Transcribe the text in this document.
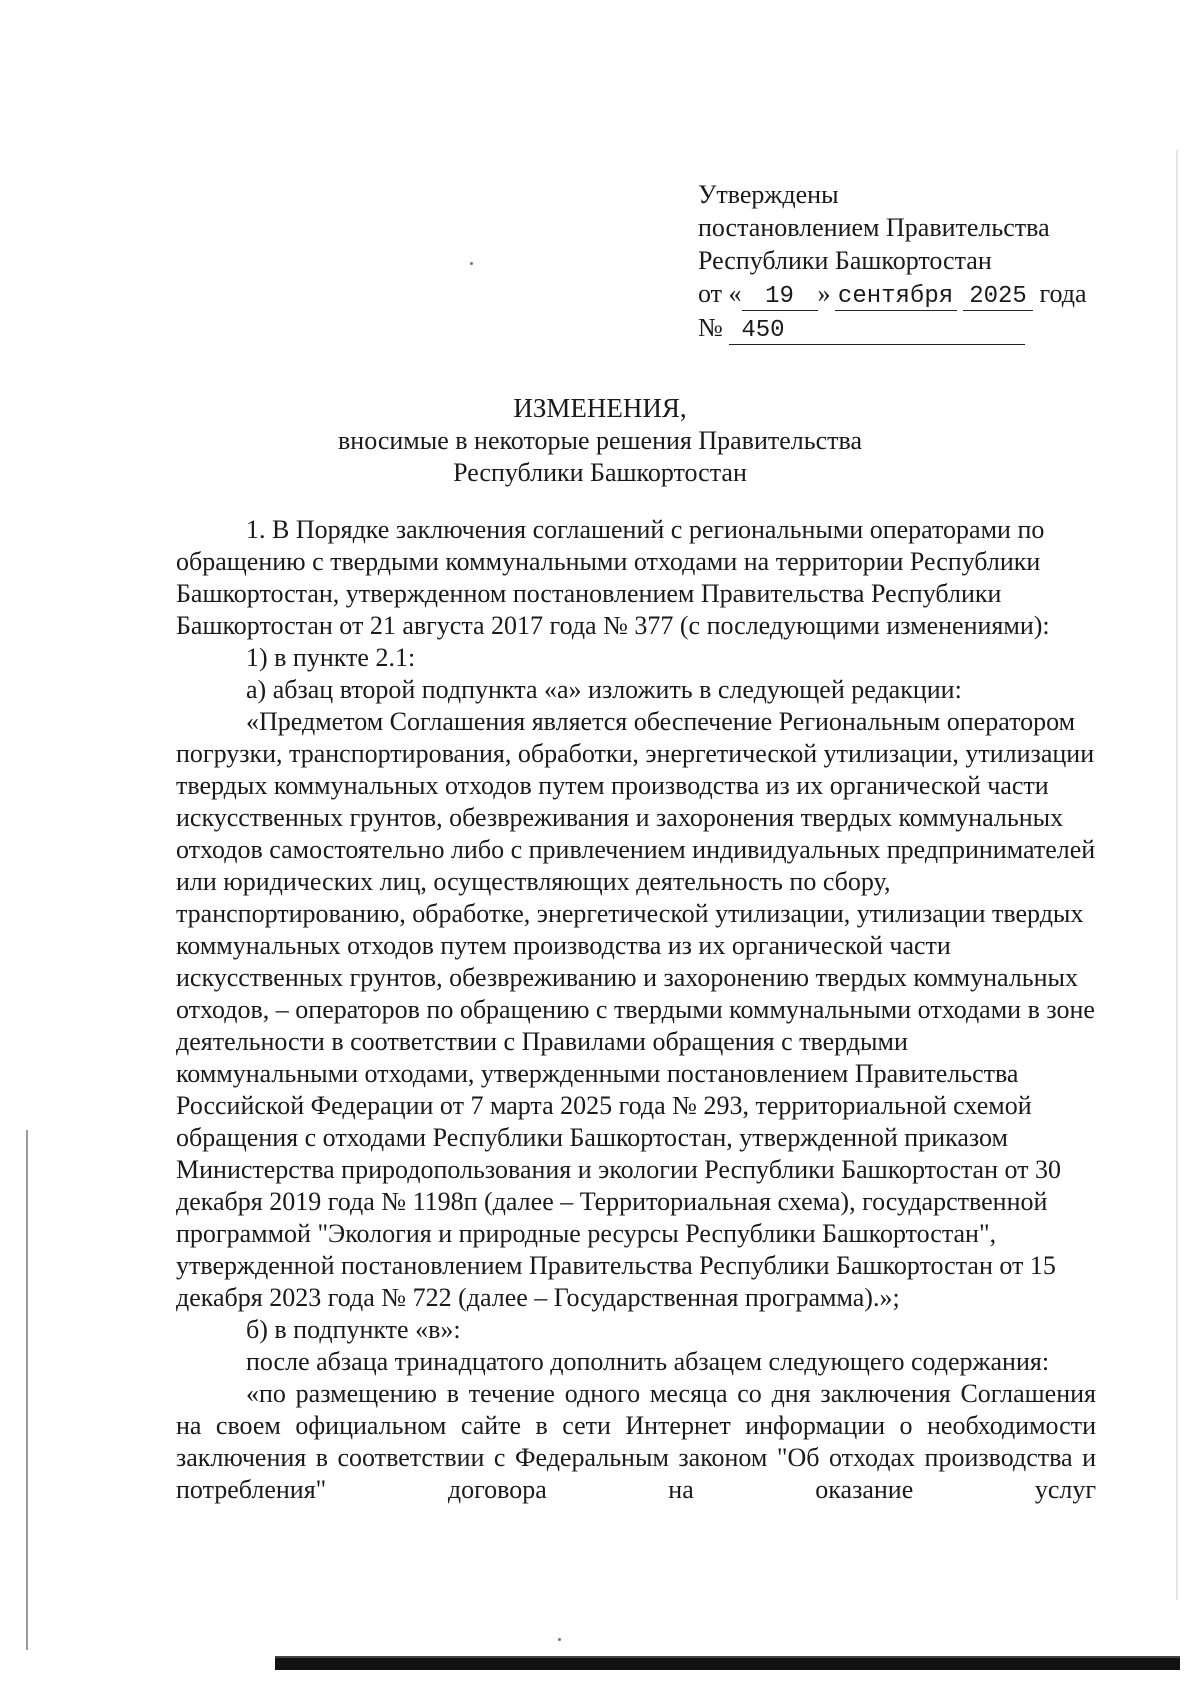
Утверждены
постановлением Правительства
Республики Башкортостан
от « 19 » сентября 2025 года
№ 450
ИЗМЕНЕНИЯ,
вносимые в некоторые решения Правительства
Республики Башкортостан

1. В Порядке заключения соглашений с региональными операторами по обращению с твердыми коммунальными отходами на территории Республики Башкортостан, утвержденном постановлением Правительства Республики Башкортостан от 21 августа 2017 года № 377 (с последующими изменениями):

1) в пункте 2.1:

а) абзац второй подпункта «а» изложить в следующей редакции:

«Предметом Соглашения является обеспечение Региональным оператором погрузки, транспортирования, обработки, энергетической утилизации, утилизации твердых коммунальных отходов путем производства из их органической части искусственных грунтов, обезвреживания и захоронения твердых коммунальных отходов самостоятельно либо с привлечением индивидуальных предпринимателей или юридических лиц, осуществляющих деятельность по сбору, транспортированию, обработке, энергетической утилизации, утилизации твердых коммунальных отходов путем производства из их органической части искусственных грунтов, обезвреживанию и захоронению твердых коммунальных отходов, – операторов по обращению с твердыми коммунальными отходами в зоне деятельности в соответствии с Правилами обращения с твердыми коммунальными отходами, утвержденными постановлением Правительства Российской Федерации от 7 марта 2025 года № 293, территориальной схемой обращения с отходами Республики Башкортостан, утвержденной приказом Министерства природопользования и экологии Республики Башкортостан от 30 декабря 2019 года № 1198п (далее – Территориальная схема), государственной программой "Экология и природные ресурсы Республики Башкортостан", утвержденной постановлением Правительства Республики Башкортостан от 15 декабря 2023 года № 722 (далее – Государственная программа).»;

б) в подпункте «в»:

после абзаца тринадцатого дополнить абзацем следующего содержания:

«по размещению в течение одного месяца со дня заключения Соглашения на своем официальном сайте в сети Интернет информации о необходимости заключения в соответствии с Федеральным законом "Об отходах производства и потребления" договора на оказание услуг
